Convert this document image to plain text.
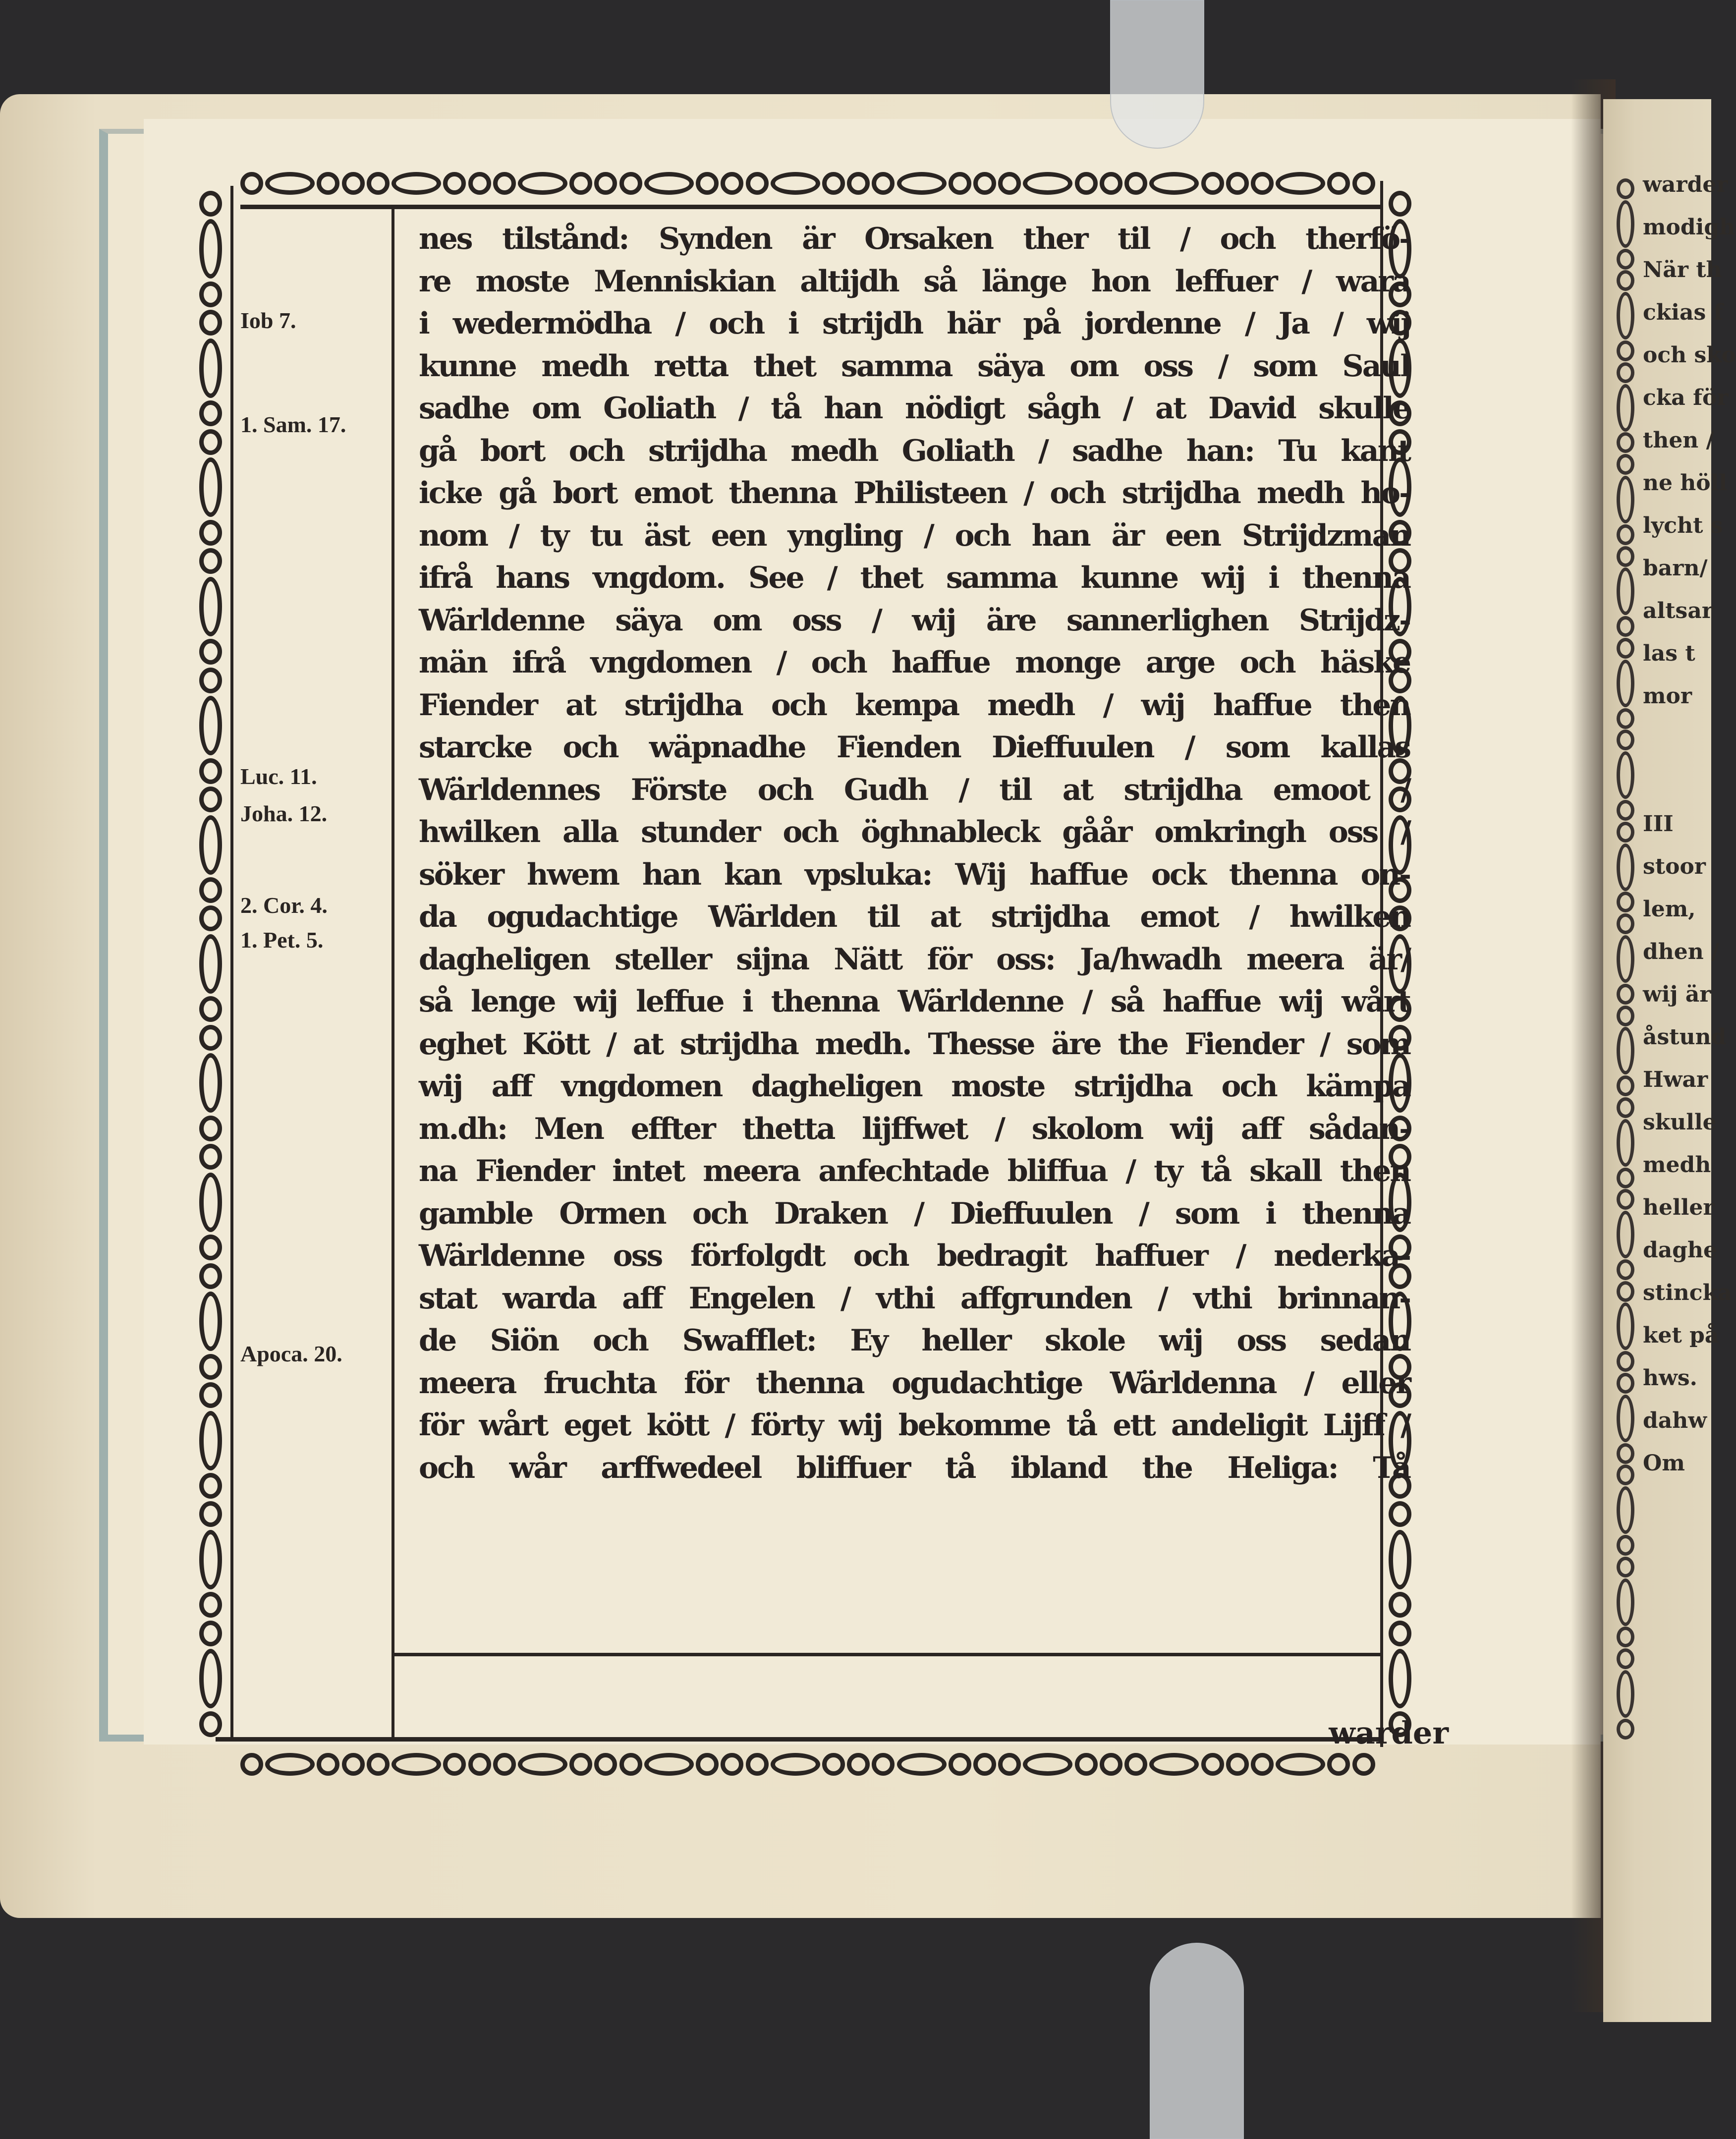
Iob 7.
1. Sam. 17.
Luc. 11.
Joha. 12.
2. Cor. 4.
1. Pet. 5.
Apoca. 20.
nes tilstånd: Synden är Orsaken ther til / och therfö-
re moste Menniskian altijdh så länge hon leffuer / wara
i wedermödha / och i strijdh här på jordenne / Ja / wij
kunne medh retta thet samma säya om oss / som Saul
sadhe om Goliath / tå han nödigt sågh / at David skulle
gå bort och strijdha medh Goliath / sadhe han: Tu kant
icke gå bort emot thenna Philisteen / och strijdha medh ho-
nom / ty tu äst een yngling / och han är een Strijdzman
ifrå hans vngdom. See / thet samma kunne wij i thenna
Wärldenne säya om oss / wij äre sannerlighen Strijdz-
män ifrå vngdomen / och haffue monge arge och häske
Fiender at strijdha och kempa medh / wij haffue then
starcke och wäpnadhe Fienden Dieffuulen / som kallas
Wärldennes Förste och Gudh / til at strijdha emoot /
hwilken alla stunder och öghnableck gåår omkringh oss /
söker hwem han kan vpsluka: Wij haffue ock thenna on-
da ogudachtige Wärlden til at strijdha emot / hwilken
dagheligen steller sijna Nätt för oss: Ja/hwadh meera är/
så lenge wij leffue i thenna Wärldenne / så haffue wij wårt
eghet Kött / at strijdha medh. Thesse äre the Fiender / som
wij aff vngdomen dagheligen moste strijdha och kämpa
m.dh: Men effter thetta lijffwet / skolom wij aff sådan-
na Fiender intet meera anfechtade bliffua / ty tå skall then
gamble Ormen och Draken / Dieffuulen / som i thenna
Wärldenne oss förfolgdt och bedragit haffuer / nederka-
stat warda aff Engelen / vthi affgrunden / vthi brinnan-
de Siön och Swafflet: Ey heller skole wij oss sedan
meera fruchta för thenna ogudachtige Wärldenna / eller
för wårt eget kött / förty wij bekomme tå ett andeligit Lijff /
och wår arffwedeel bliffuer tå ibland the Heliga: Tå
warder
warder
modigh
När th
ckias f
och sko
cka för
then /
ne höll
lycht s
barn/
altsar
las t
mor
III
stoor
lem,
dhen /
wij är
åstund
Hwar
skulle
medh
heller
daghe
stincka
ket på
hws.
dahw
Om
